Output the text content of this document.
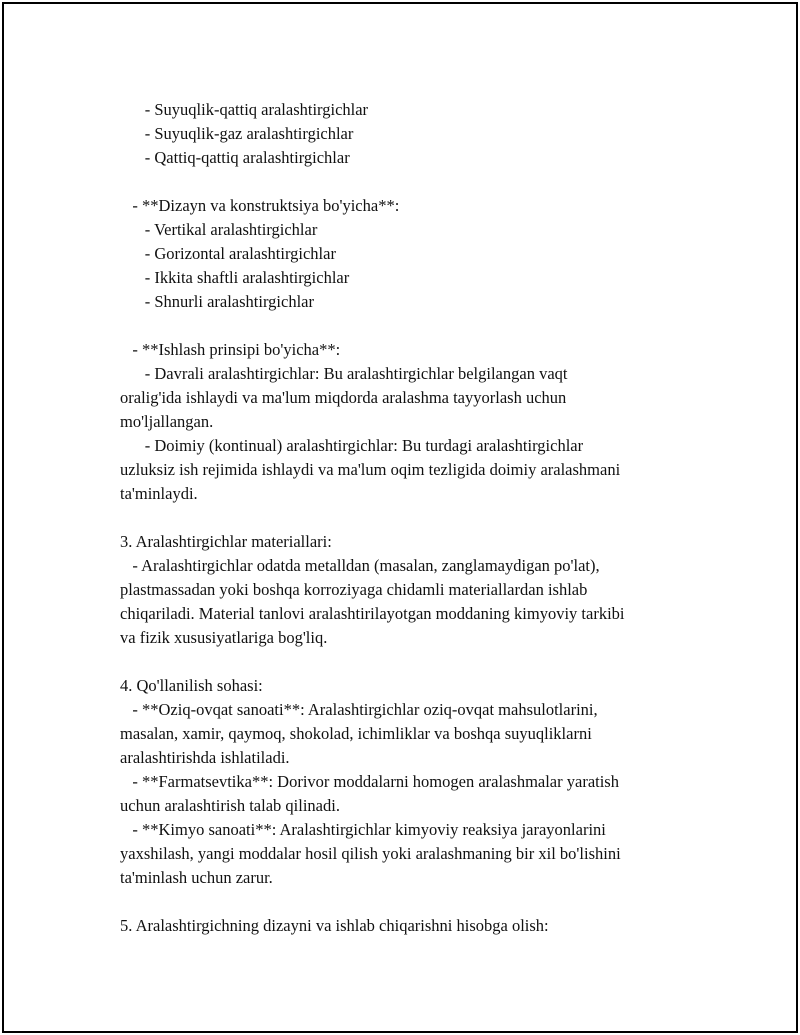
- Suyuqlik-qattiq aralashtirgichlar
- Suyuqlik-gaz aralashtirgichlar
- Qattiq-qattiq aralashtirgichlar
- **Dizayn va konstruktsiya bo'yicha**:
- Vertikal aralashtirgichlar
- Gorizontal aralashtirgichlar
- Ikkita shaftli aralashtirgichlar
- Shnurli aralashtirgichlar
- **Ishlash prinsipi bo'yicha**:
- Davrali aralashtirgichlar: Bu aralashtirgichlar belgilangan vaqt
oralig'ida ishlaydi va ma'lum miqdorda aralashma tayyorlash uchun
mo'ljallangan.
- Doimiy (kontinual) aralashtirgichlar: Bu turdagi aralashtirgichlar
uzluksiz ish rejimida ishlaydi va ma'lum oqim tezligida doimiy aralashmani
ta'minlaydi.
3. Aralashtirgichlar materiallari:
- Aralashtirgichlar odatda metalldan (masalan, zanglamaydigan po'lat),
plastmassadan yoki boshqa korroziyaga chidamli materiallardan ishlab
chiqariladi. Material tanlovi aralashtirilayotgan moddaning kimyoviy tarkibi
va fizik xususiyatlariga bog'liq.
4. Qo'llanilish sohasi:
- **Oziq-ovqat sanoati**: Aralashtirgichlar oziq-ovqat mahsulotlarini,
masalan, xamir, qaymoq, shokolad, ichimliklar va boshqa suyuqliklarni
aralashtirishda ishlatiladi.
- **Farmatsevtika**: Dorivor moddalarni homogen aralashmalar yaratish
uchun aralashtirish talab qilinadi.
- **Kimyo sanoati**: Aralashtirgichlar kimyoviy reaksiya jarayonlarini
yaxshilash, yangi moddalar hosil qilish yoki aralashmaning bir xil bo'lishini
ta'minlash uchun zarur.
5. Aralashtirgichning dizayni va ishlab chiqarishni hisobga olish:
